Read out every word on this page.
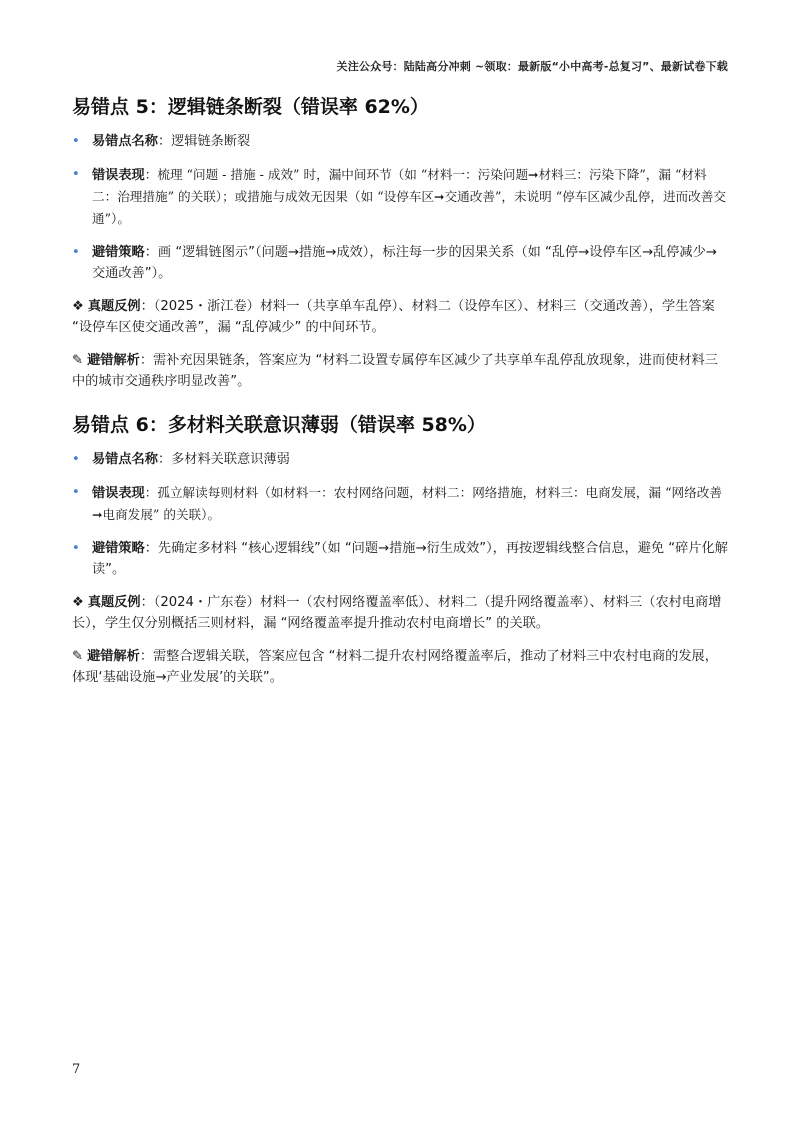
关注公众号：陆陆高分冲刺 ~领取：最新版“小中高考-总复习”、最新试卷下载
易错点 5：逻辑链条断裂（错误率 62%）
• 易错点名称：逻辑链条断裂
• 错误表现：梳理 “问题 - 措施 - 成效” 时，漏中间环节（如 “材料一：污染问题➞材料三：污染下降”，漏 “材料二：治理措施” 的关联）；或措施与成效无因果（如 “设停车区➞交通改善”，未说明 “停车区减少乱停，进而改善交通”）。
• 避错策略：画 “逻辑链图示”（问题→措施→成效），标注每一步的因果关系（如 “乱停→设停车区→乱停减少→交通改善”）。
❖ 真题反例：（2025・浙江卷）材料一（共享单车乱停）、材料二（设停车区）、材料三（交通改善），学生答案 “设停车区使交通改善”，漏 “乱停减少” 的中间环节。
✎ 避错解析：需补充因果链条，答案应为 “材料二设置专属停车区减少了共享单车乱停乱放现象，进而使材料三中的城市交通秩序明显改善”。
易错点 6：多材料关联意识薄弱（错误率 58%）
• 易错点名称：多材料关联意识薄弱
• 错误表现：孤立解读每则材料（如材料一：农村网络问题，材料二：网络措施，材料三：电商发展，漏 “网络改善➞电商发展” 的关联）。
• 避错策略：先确定多材料 “核心逻辑线”（如 “问题→措施→衍生成效”），再按逻辑线整合信息，避免 “碎片化解读”。
❖ 真题反例：（2024・广东卷）材料一（农村网络覆盖率低）、材料二（提升网络覆盖率）、材料三（农村电商增长），学生仅分别概括三则材料，漏 “网络覆盖率提升推动农村电商增长” 的关联。
✎ 避错解析：需整合逻辑关联，答案应包含 “材料二提升农村网络覆盖率后，推动了材料三中农村电商的发展，体现‘基础设施→产业发展’的关联”。
7
